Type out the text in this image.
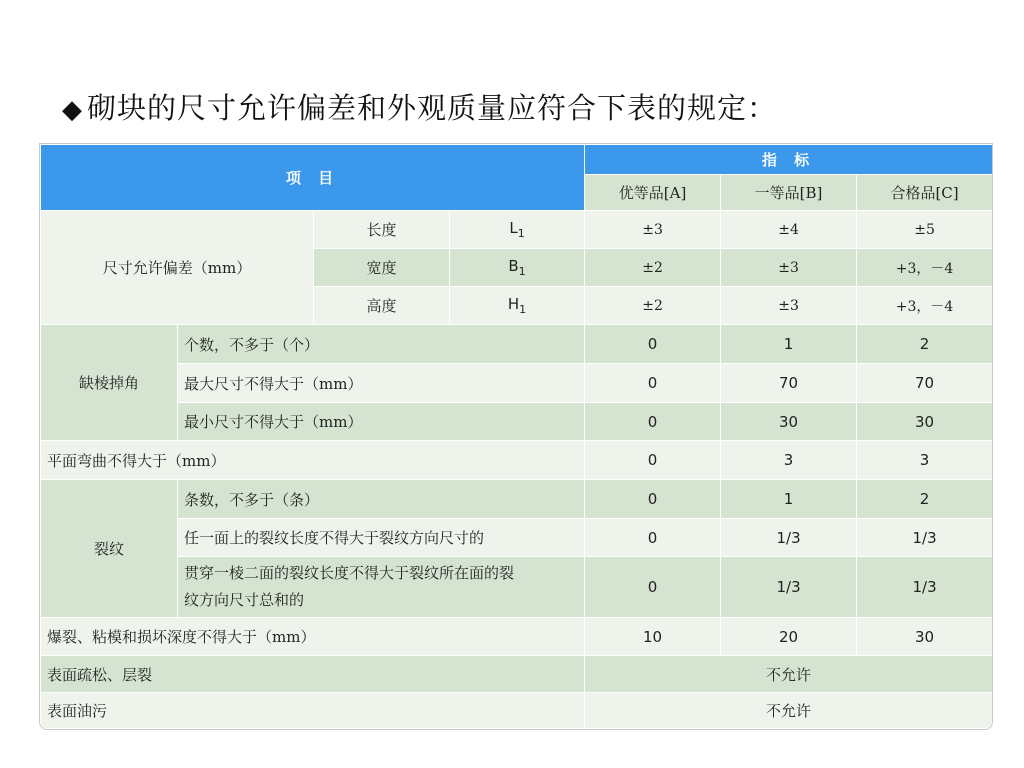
◆ 砌块的尺寸允许偏差和外观质量应符合下表的规定：
项 目				指 标		
				优等品[A]	一等品[B]	合格品[C]
尺寸允许偏差（mm）		长度	$L_1$	±3	±4	±5
		宽度	$B_1$	±2	±3	+3，－4
		高度	$H_1$	±2	±3	+3，－4
缺棱掉角	个数，不多于（个）			0	1	2
	最大尺寸不得大于（mm）			0	70	70
	最小尺寸不得大于（mm）			0	30	30
平面弯曲不得大于（mm）				0	3	3
裂纹	条数，不多于（条）			0	1	2
	任一面上的裂纹长度不得大于裂纹方向尺寸的			0	1/3	1/3
	贯穿一棱二面的裂纹长度不得大于裂纹所在面的裂
纹方向尺寸总和的			0	1/3	1/3
爆裂、粘模和损坏深度不得大于（mm）				10	20	30
表面疏松、层裂				不允许		
表面油污				不允许		
